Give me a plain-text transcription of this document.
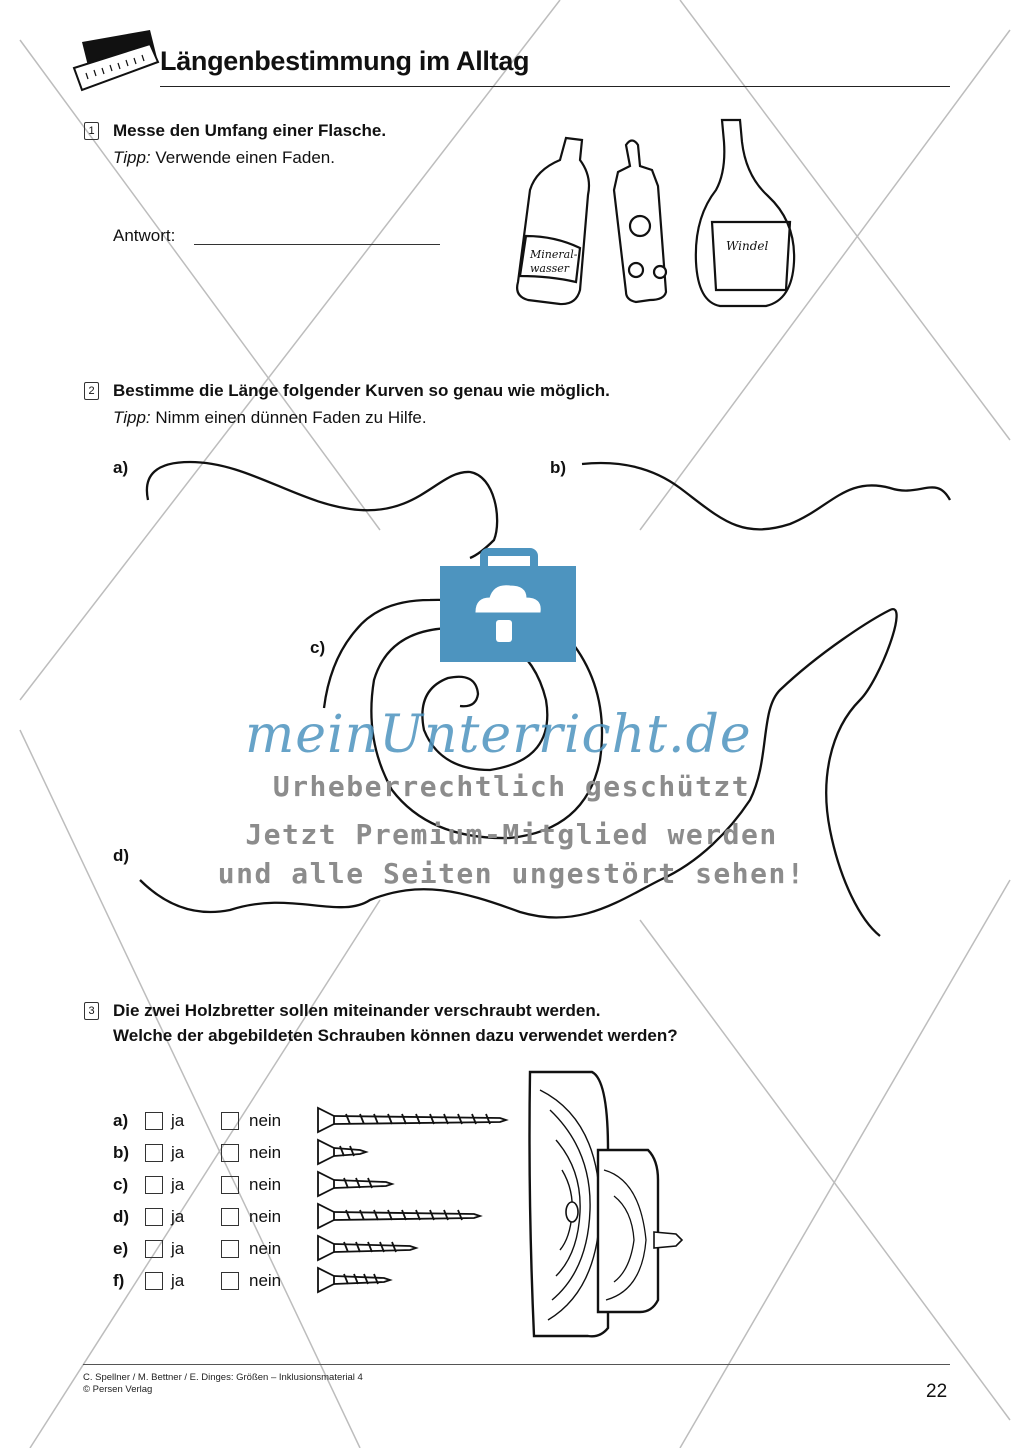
Mineral-
wasser
Windel
Längenbestimmung im Alltag
1 Messe den Umfang einer Flasche.
Tipp: Verwende einen Faden.
Antwort:
2 Bestimme die Länge folgender Kurven so genau wie möglich.
Tipp: Nimm einen dünnen Faden zu Hilfe.
a)	b)
c)
d)
meinUnterricht.de
Urheberrechtlich geschützt
Jetzt Premium-Mitglied werden
und alle Seiten ungestört sehen!
3 Die zwei Holzbretter sollen miteinander verschraubt werden.
Welche der abgebildeten Schrauben können dazu verwendet werden?
a)	ja	nein
b) ja	nein
c)	ja	nein
d) ja	nein
e)	ja	nein
f)	ja	nein
C. Spellner / M. Bettner / E. Dinges: Größen – Inklusionsmaterial 4
© Persen Verlag	22
